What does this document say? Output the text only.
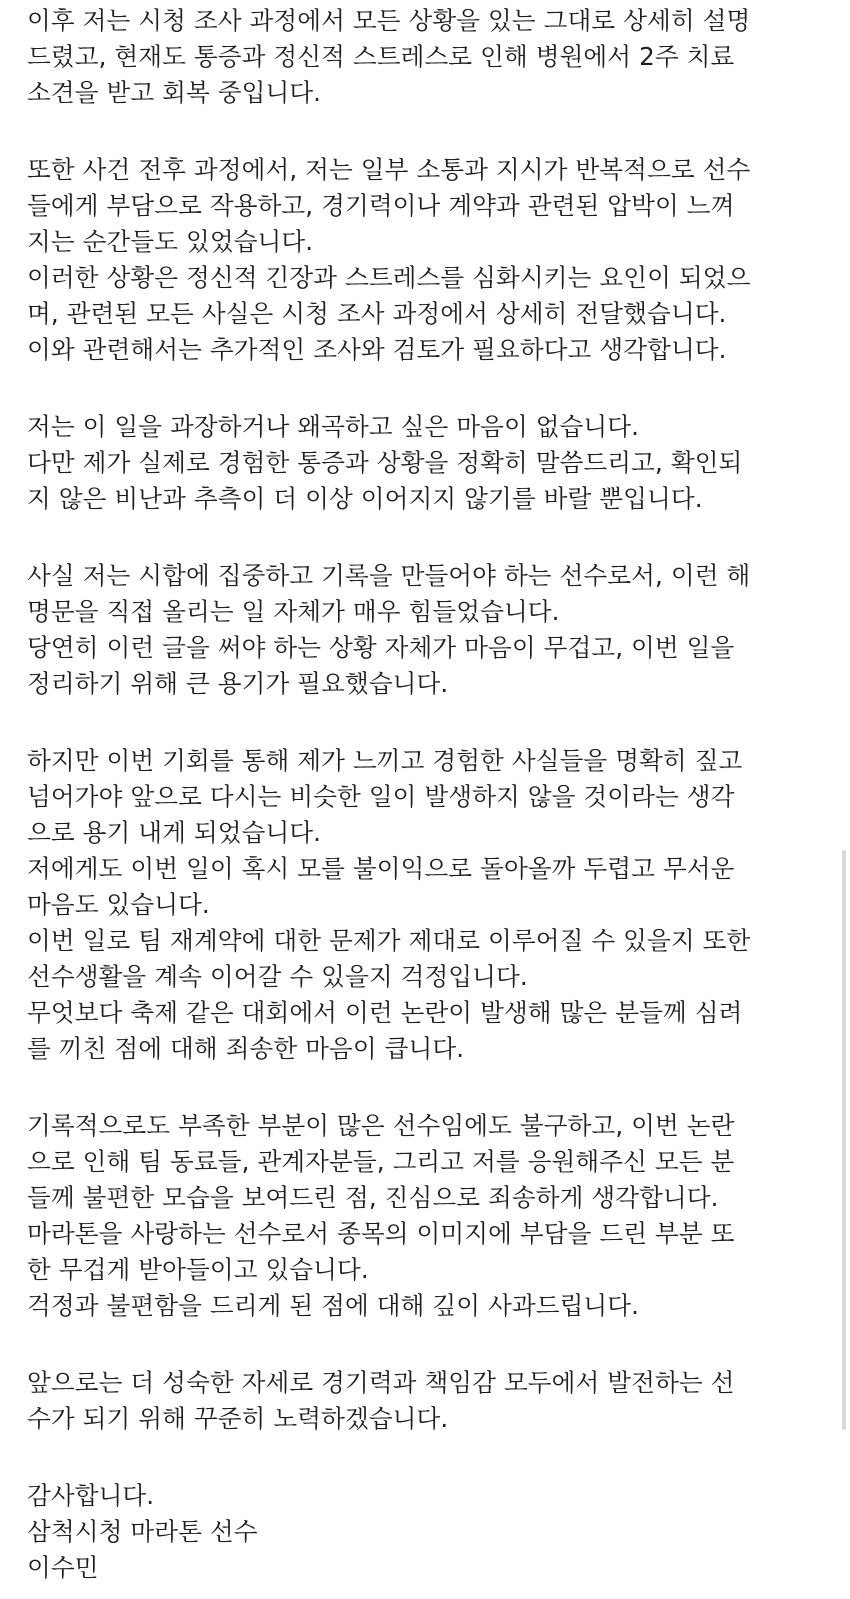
이후 저는 시청 조사 과정에서 모든 상황을 있는 그대로 상세히 설명
드렸고, 현재도 통증과 정신적 스트레스로 인해 병원에서 2주 치료
소견을 받고 회복 중입니다.
또한 사건 전후 과정에서, 저는 일부 소통과 지시가 반복적으로 선수
들에게 부담으로 작용하고, 경기력이나 계약과 관련된 압박이 느껴
지는 순간들도 있었습니다.
이러한 상황은 정신적 긴장과 스트레스를 심화시키는 요인이 되었으
며, 관련된 모든 사실은 시청 조사 과정에서 상세히 전달했습니다.
이와 관련해서는 추가적인 조사와 검토가 필요하다고 생각합니다.
저는 이 일을 과장하거나 왜곡하고 싶은 마음이 없습니다.
다만 제가 실제로 경험한 통증과 상황을 정확히 말씀드리고, 확인되
지 않은 비난과 추측이 더 이상 이어지지 않기를 바랄 뿐입니다.
사실 저는 시합에 집중하고 기록을 만들어야 하는 선수로서, 이런 해
명문을 직접 올리는 일 자체가 매우 힘들었습니다.
당연히 이런 글을 써야 하는 상황 자체가 마음이 무겁고, 이번 일을
정리하기 위해 큰 용기가 필요했습니다.
하지만 이번 기회를 통해 제가 느끼고 경험한 사실들을 명확히 짚고
넘어가야 앞으로 다시는 비슷한 일이 발생하지 않을 것이라는 생각
으로 용기 내게 되었습니다.
저에게도 이번 일이 혹시 모를 불이익으로 돌아올까 두렵고 무서운
마음도 있습니다.
이번 일로 팀 재계약에 대한 문제가 제대로 이루어질 수 있을지 또한
선수생활을 계속 이어갈 수 있을지 걱정입니다.
무엇보다 축제 같은 대회에서 이런 논란이 발생해 많은 분들께 심려
를 끼친 점에 대해 죄송한 마음이 큽니다.
기록적으로도 부족한 부분이 많은 선수임에도 불구하고, 이번 논란
으로 인해 팀 동료들, 관계자분들, 그리고 저를 응원해주신 모든 분
들께 불편한 모습을 보여드린 점, 진심으로 죄송하게 생각합니다.
마라톤을 사랑하는 선수로서 종목의 이미지에 부담을 드린 부분 또
한 무겁게 받아들이고 있습니다.
걱정과 불편함을 드리게 된 점에 대해 깊이 사과드립니다.
앞으로는 더 성숙한 자세로 경기력과 책임감 모두에서 발전하는 선
수가 되기 위해 꾸준히 노력하겠습니다.
감사합니다.
삼척시청 마라톤 선수
이수민
